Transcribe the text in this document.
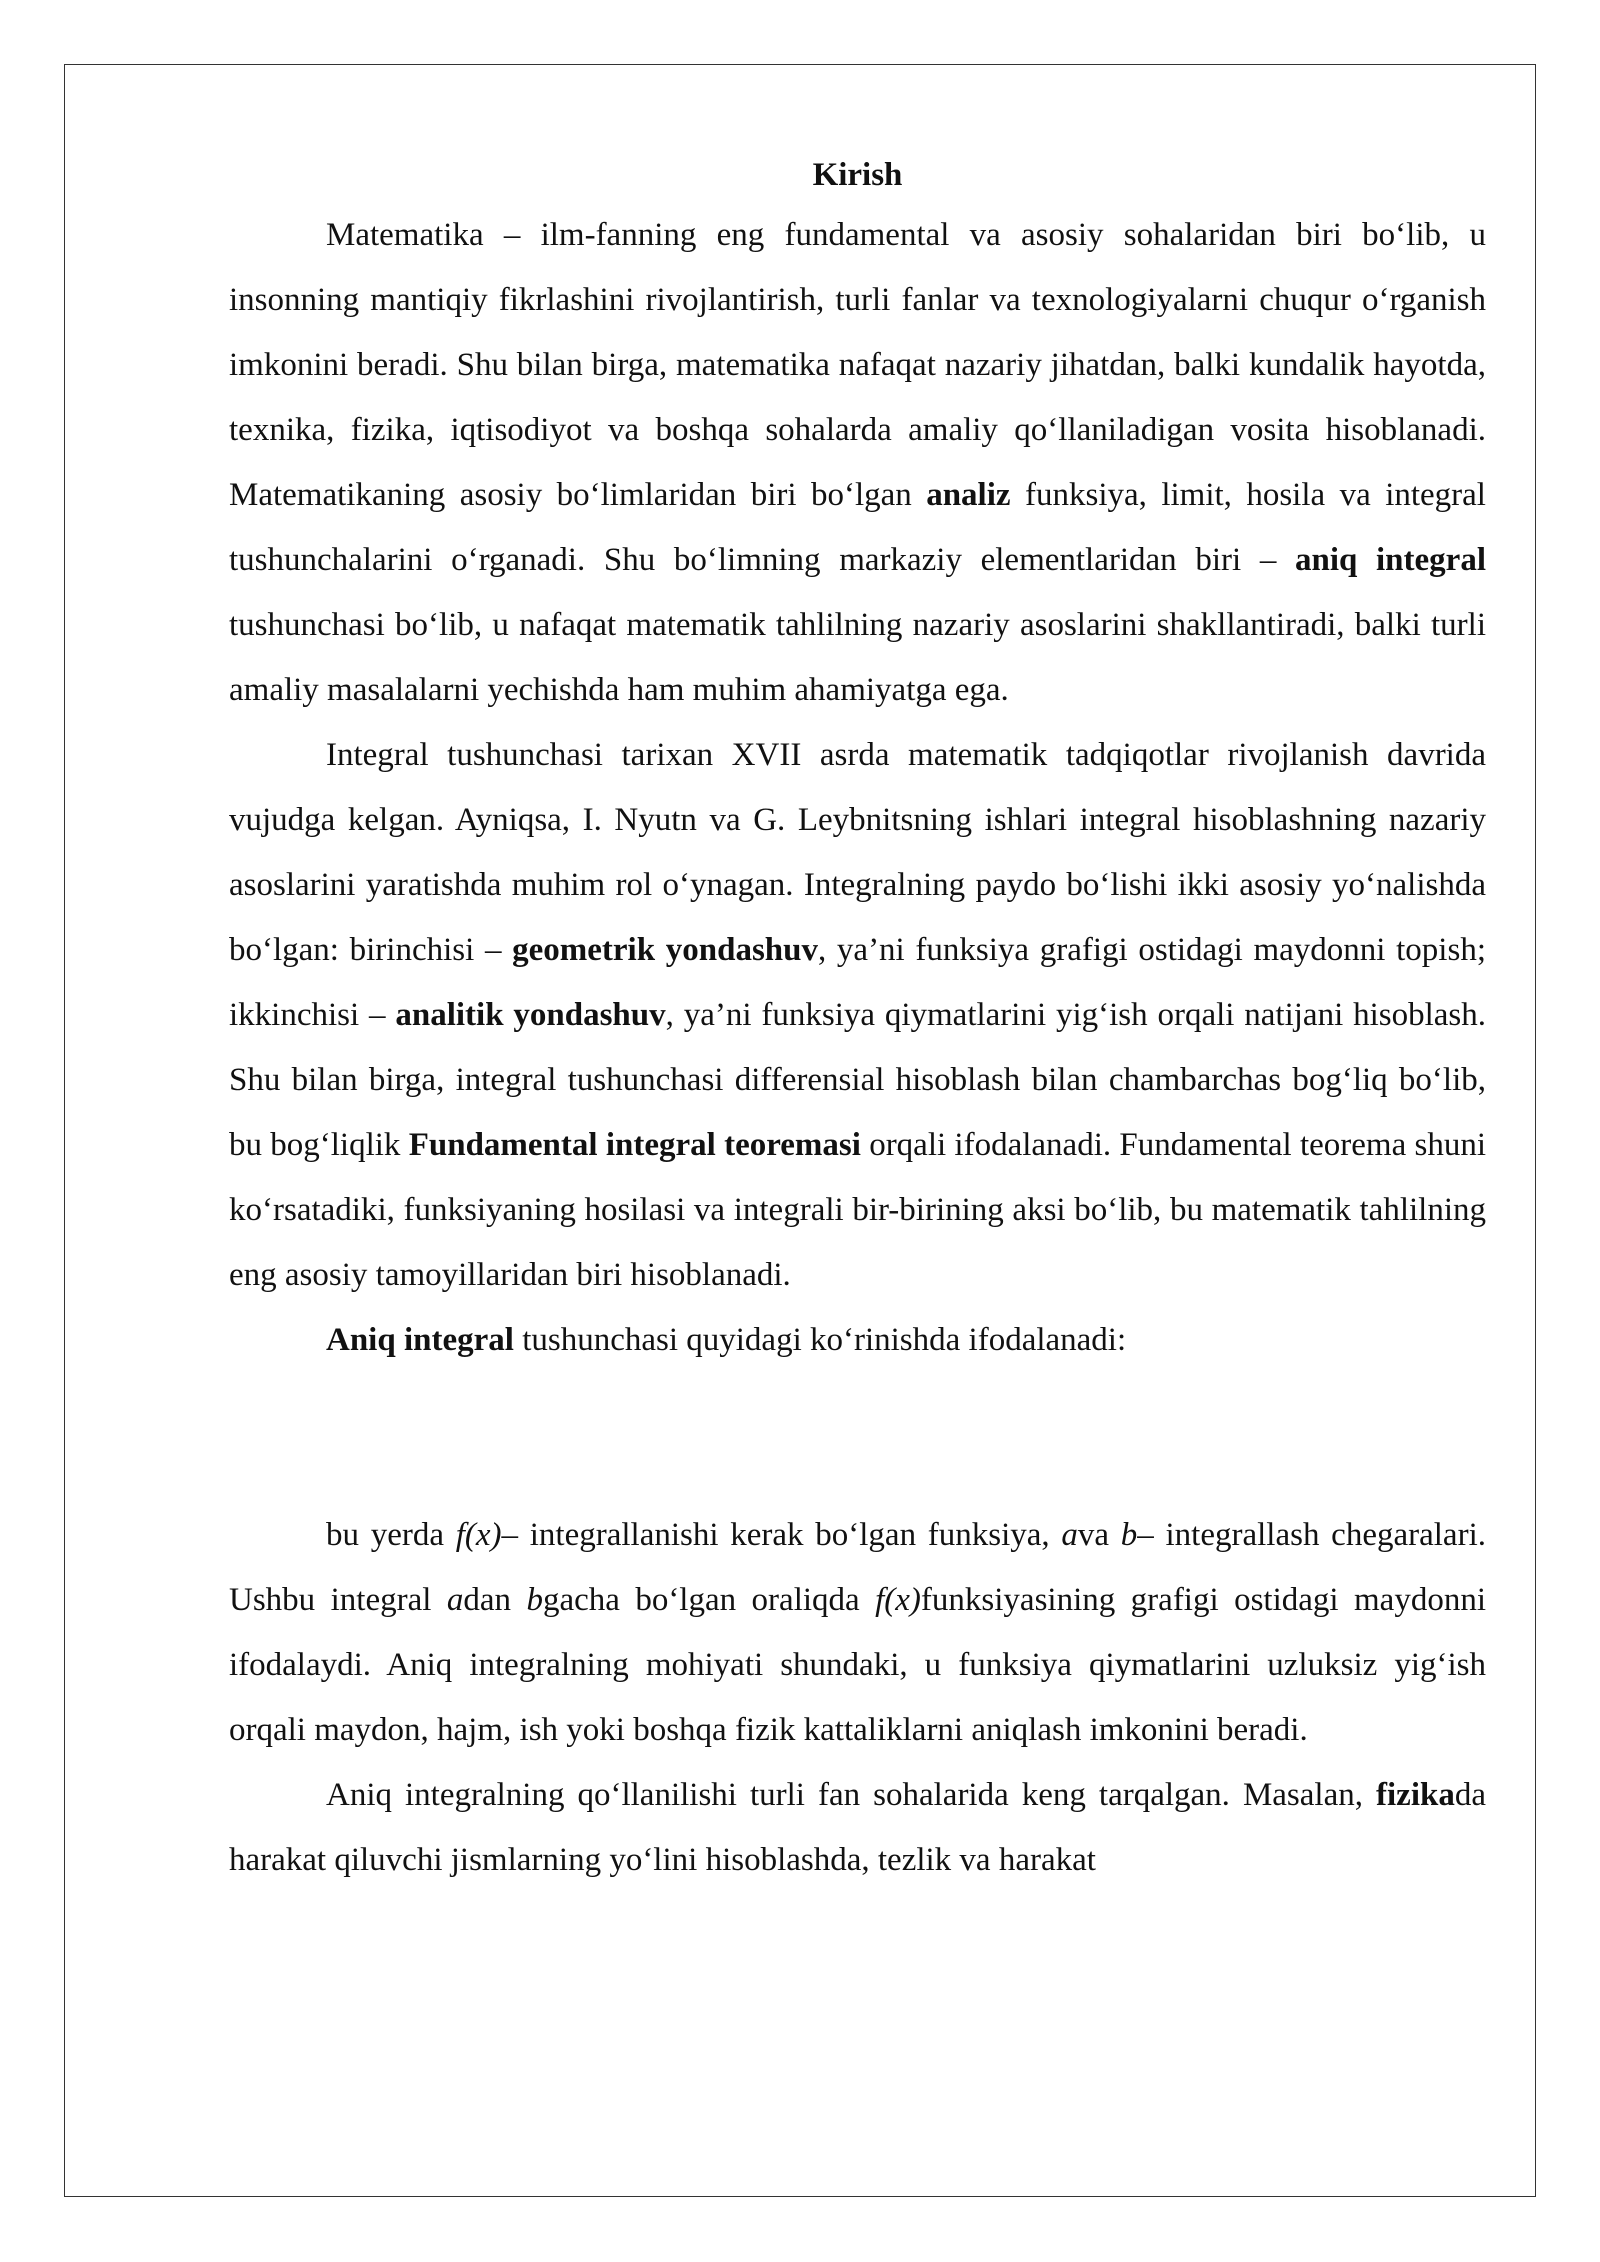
Kirish

Matematika – ilm-fanning eng fundamental va asosiy sohalaridan biri bo‘lib, u insonning mantiqiy fikrlashini rivojlantirish, turli fanlar va texnologiyalarni chuqur o‘rganish imkonini beradi. Shu bilan birga, matematika nafaqat nazariy jihatdan, balki kundalik hayotda, texnika, fizika, iqtisodiyot va boshqa sohalarda amaliy qo‘llaniladigan vosita hisoblanadi. Matematikaning asosiy bo‘limlaridan biri bo‘lgan analiz funksiya, limit, hosila va integral tushunchalarini o‘rganadi. Shu bo‘limning markaziy elementlaridan biri – aniq integral tushunchasi bo‘lib, u nafaqat matematik tahlilning nazariy asoslarini shakllantiradi, balki turli amaliy masalalarni yechishda ham muhim ahamiyatga ega.

Integral tushunchasi tarixan XVII asrda matematik tadqiqotlar rivojlanish davrida vujudga kelgan. Ayniqsa, I. Nyutn va G. Leybnitsning ishlari integral hisoblashning nazariy asoslarini yaratishda muhim rol o‘ynagan. Integralning paydo bo‘lishi ikki asosiy yo‘nalishda bo‘lgan: birinchisi – geometrik yondashuv, ya’ni funksiya grafigi ostidagi maydonni topish; ikkinchisi – analitik yondashuv, ya’ni funksiya qiymatlarini yig‘ish orqali natijani hisoblash. Shu bilan birga, integral tushunchasi differensial hisoblash bilan chambarchas bog‘liq bo‘lib, bu bog‘liqlik Fundamental integral teoremasi orqali ifodalanadi. Fundamental teorema shuni ko‘rsatadiki, funksiyaning hosilasi va integrali bir-birining aksi bo‘lib, bu matematik tahlilning eng asosiy tamoyillaridan biri hisoblanadi.

Aniq integral tushunchasi quyidagi ko‘rinishda ifodalanadi:

bu yerda f(x)– integrallanishi kerak bo‘lgan funksiya, ava b– integrallash chegaralari. Ushbu integral adan bgacha bo‘lgan oraliqda f(x)funksiyasining grafigi ostidagi maydonni ifodalaydi. Aniq integralning mohiyati shundaki, u funksiya qiymatlarini uzluksiz yig‘ish orqali maydon, hajm, ish yoki boshqa fizik kattaliklarni aniqlash imkonini beradi.

Aniq integralning qo‘llanilishi turli fan sohalarida keng tarqalgan. Masalan, fizikada harakat qiluvchi jismlarning yo‘lini hisoblashda, tezlik va harakat
